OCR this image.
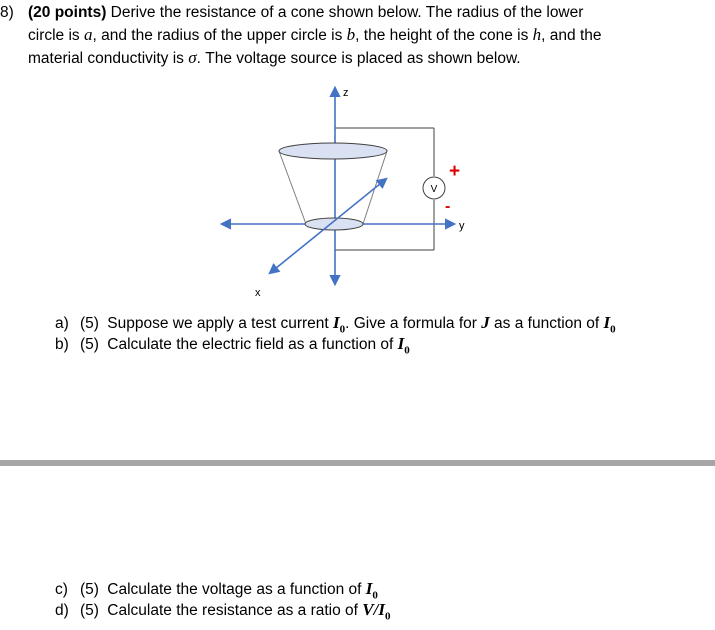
8) (20 points) Derive the resistance of a cone shown below. The radius of the lower
circle is a, and the radius of the upper circle is b, the height of the cone is h, and the
material conductivity is σ. The voltage source is placed as shown below.
V
+
-
z
y
x
a) (5) Suppose we apply a test current $I_0$. Give a formula for J as a function of $I_0$
b) (5) Calculate the electric field as a function of $I_0$
c) (5) Calculate the voltage as a function of $I_0$
d) (5) Calculate the resistance as a ratio of $V/I_0$
